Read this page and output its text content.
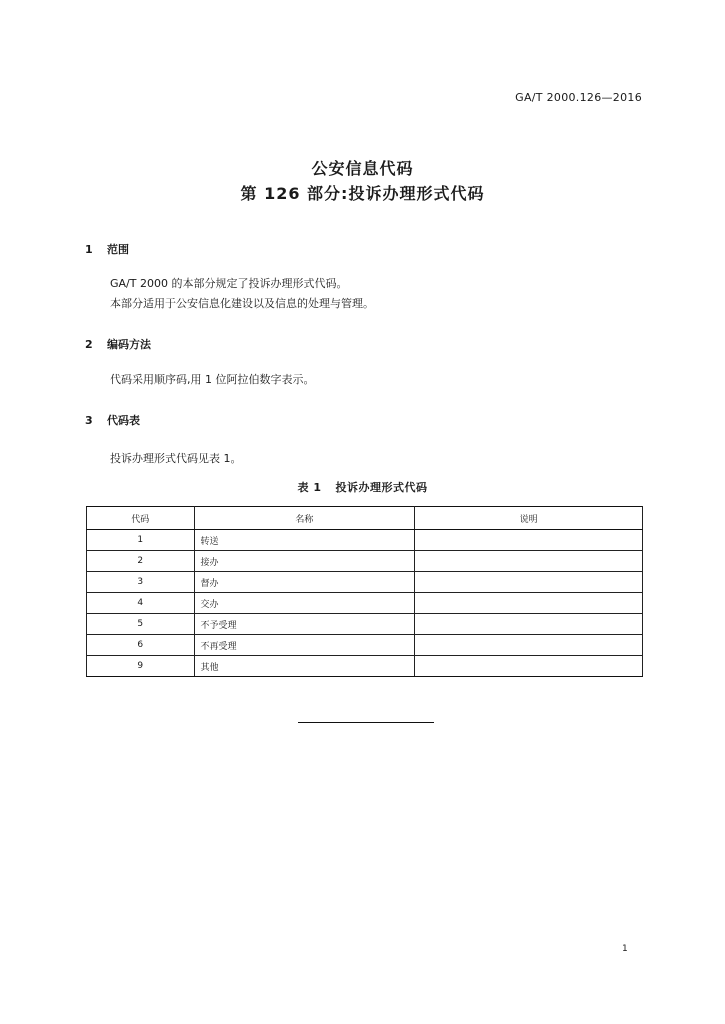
GA/T 2000.126—2016
公安信息代码
第 126 部分:投诉办理形式代码
1 范围
GA/T 2000 的本部分规定了投诉办理形式代码。
本部分适用于公安信息化建设以及信息的处理与管理。
2 编码方法
代码采用顺序码,用 1 位阿拉伯数字表示。
3 代码表
投诉办理形式代码见表 1。
表 1 投诉办理形式代码
代码	名称	说明
1	转送	
2	接办	
3	督办	
4	交办	
5	不予受理	
6	不再受理	
9	其他	
1
